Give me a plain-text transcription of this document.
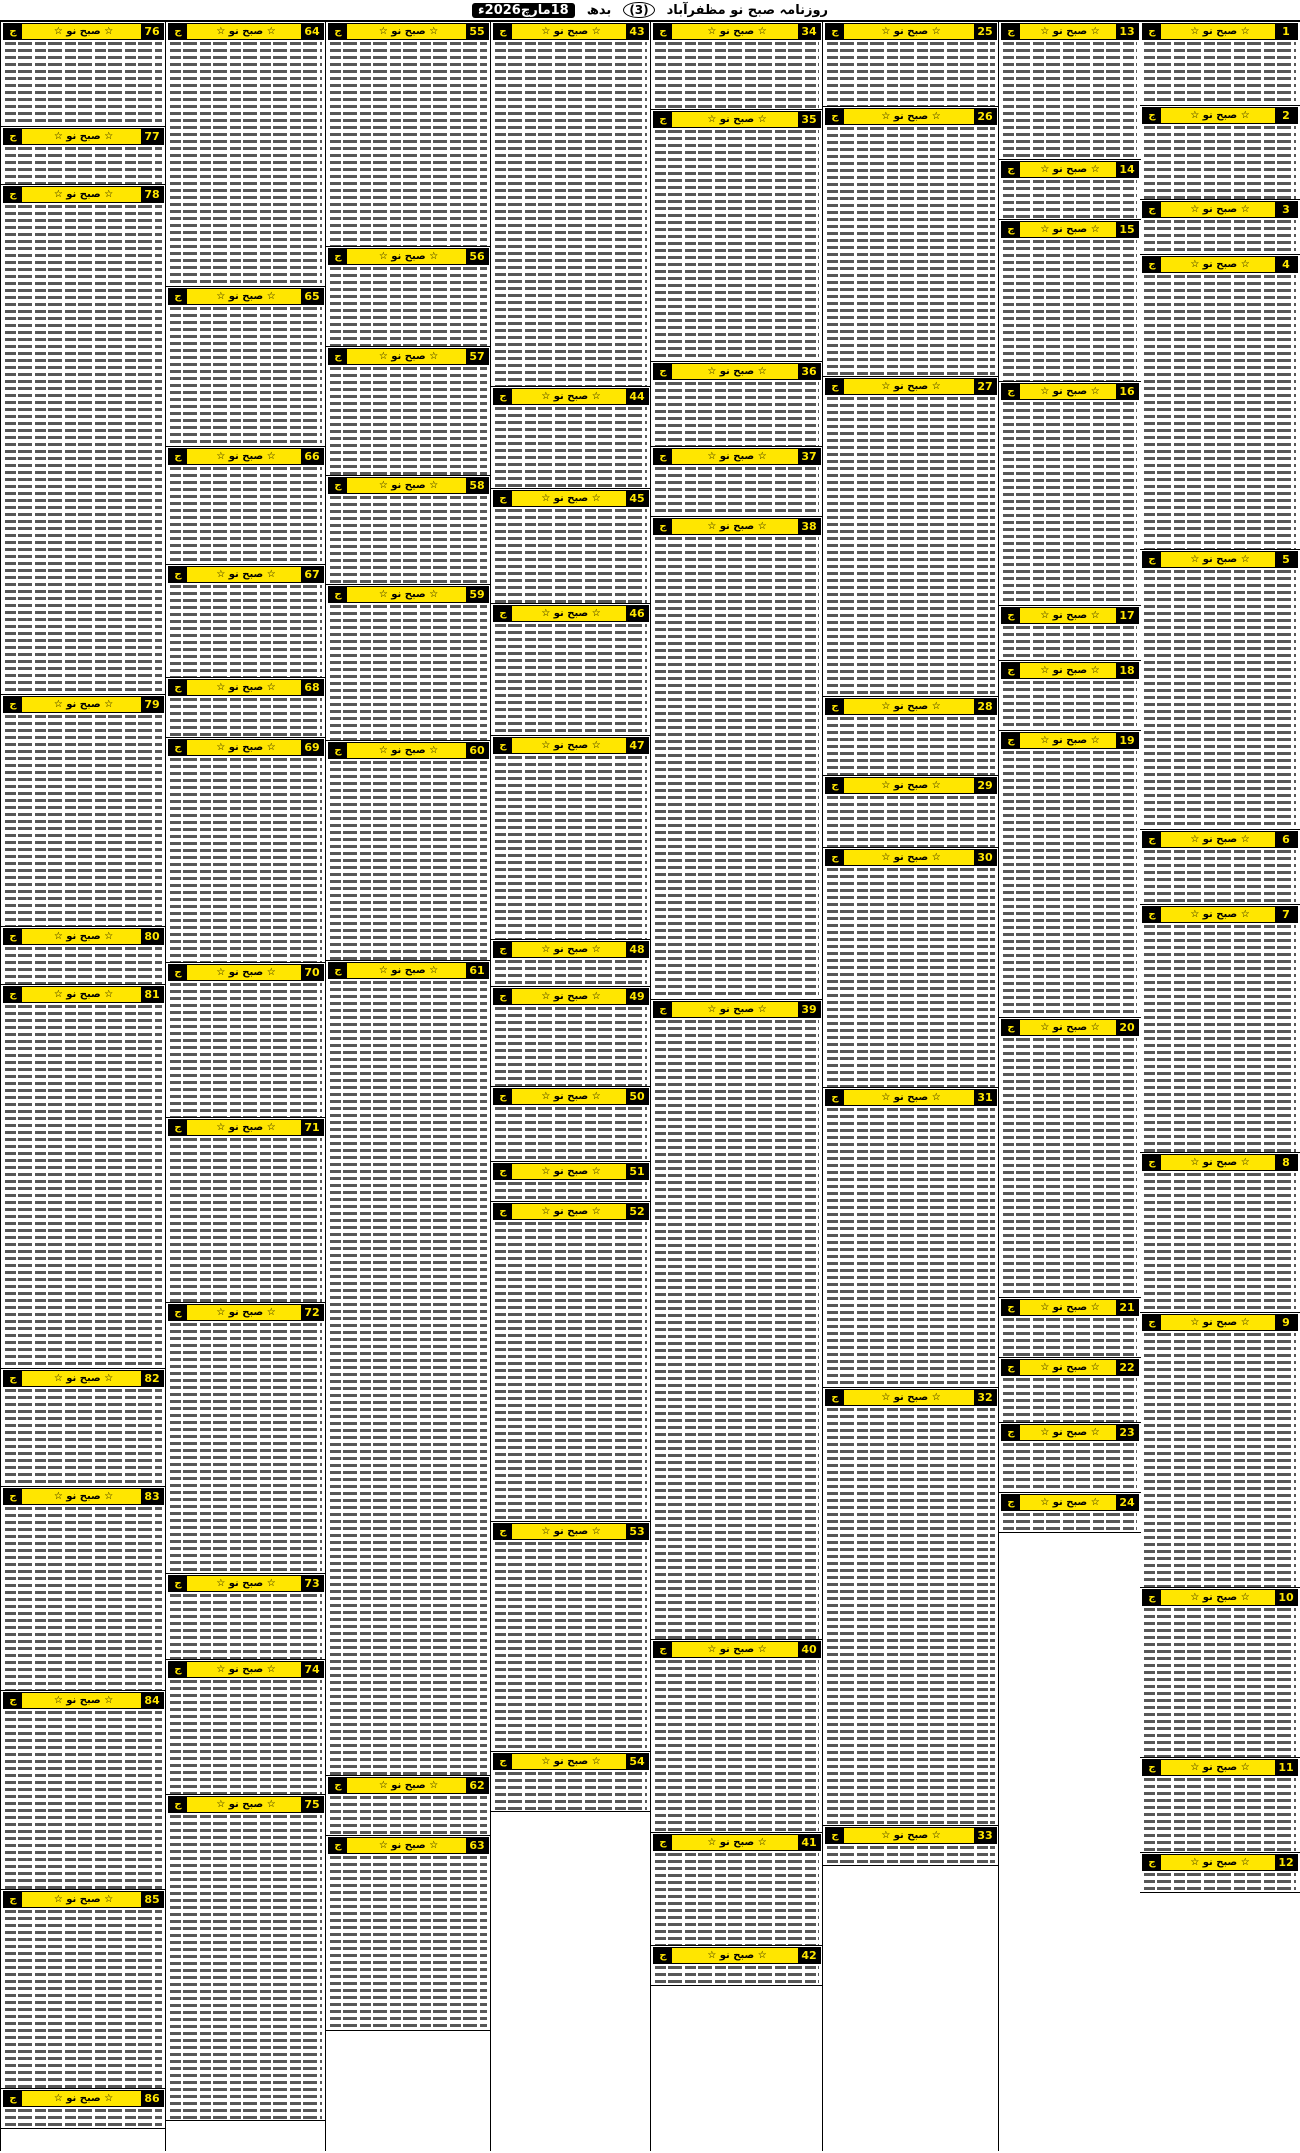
روزنامہ صبح نو مظفرآباد
(3)
بدھ
18مارچ2026ء
ج	☆ صبح نو ☆	1
ج	☆ صبح نو ☆	2
ج	☆ صبح نو ☆	3
ج	☆ صبح نو ☆	4
ج	☆ صبح نو ☆	5
ج	☆ صبح نو ☆	6
ج	☆ صبح نو ☆	7
ج	☆ صبح نو ☆	8
ج	☆ صبح نو ☆	9
ج	☆ صبح نو ☆	10
ج	☆ صبح نو ☆	11
ج	☆ صبح نو ☆	12
ج	☆ صبح نو ☆	13
ج	☆ صبح نو ☆	14
ج	☆ صبح نو ☆	15
ج	☆ صبح نو ☆	16
ج	☆ صبح نو ☆	17
ج	☆ صبح نو ☆	18
ج	☆ صبح نو ☆	19
ج	☆ صبح نو ☆	20
ج	☆ صبح نو ☆	21
ج	☆ صبح نو ☆	22
ج	☆ صبح نو ☆	23
ج	☆ صبح نو ☆	24
ج	☆ صبح نو ☆	25
ج	☆ صبح نو ☆	26
ج	☆ صبح نو ☆	27
ج	☆ صبح نو ☆	28
ج	☆ صبح نو ☆	29
ج	☆ صبح نو ☆	30
ج	☆ صبح نو ☆	31
ج	☆ صبح نو ☆	32
ج	☆ صبح نو ☆	33
ج	☆ صبح نو ☆	34
ج	☆ صبح نو ☆	35
ج	☆ صبح نو ☆	36
ج	☆ صبح نو ☆	37
ج	☆ صبح نو ☆	38
ج	☆ صبح نو ☆	39
ج	☆ صبح نو ☆	40
ج	☆ صبح نو ☆	41
ج	☆ صبح نو ☆	42
ج	☆ صبح نو ☆	43
ج	☆ صبح نو ☆	44
ج	☆ صبح نو ☆	45
ج	☆ صبح نو ☆	46
ج	☆ صبح نو ☆	47
ج	☆ صبح نو ☆	48
ج	☆ صبح نو ☆	49
ج	☆ صبح نو ☆	50
ج	☆ صبح نو ☆	51
ج	☆ صبح نو ☆	52
ج	☆ صبح نو ☆	53
ج	☆ صبح نو ☆	54
ج	☆ صبح نو ☆	55
ج	☆ صبح نو ☆	56
ج	☆ صبح نو ☆	57
ج	☆ صبح نو ☆	58
ج	☆ صبح نو ☆	59
ج	☆ صبح نو ☆	60
ج	☆ صبح نو ☆	61
ج	☆ صبح نو ☆	62
ج	☆ صبح نو ☆	63
ج	☆ صبح نو ☆	64
ج	☆ صبح نو ☆	65
ج	☆ صبح نو ☆	66
ج	☆ صبح نو ☆	67
ج	☆ صبح نو ☆	68
ج	☆ صبح نو ☆	69
ج	☆ صبح نو ☆	70
ج	☆ صبح نو ☆	71
ج	☆ صبح نو ☆	72
ج	☆ صبح نو ☆	73
ج	☆ صبح نو ☆	74
ج	☆ صبح نو ☆	75
ج	☆ صبح نو ☆	76
ج	☆ صبح نو ☆	77
ج	☆ صبح نو ☆	78
ج	☆ صبح نو ☆	79
ج	☆ صبح نو ☆	80
ج	☆ صبح نو ☆	81
ج	☆ صبح نو ☆	82
ج	☆ صبح نو ☆	83
ج	☆ صبح نو ☆	84
ج	☆ صبح نو ☆	85
ج	☆ صبح نو ☆	86
